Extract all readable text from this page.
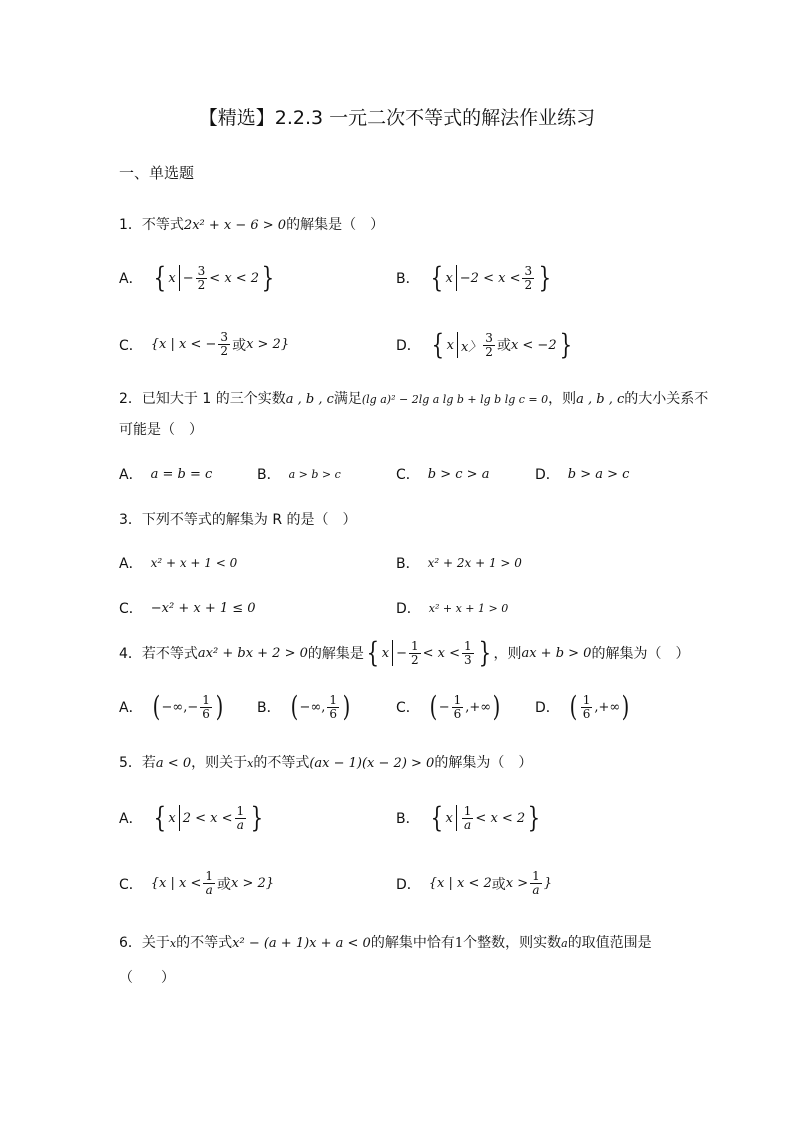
【精选】2.2.3 一元二次不等式的解法作业练习
一、单选题
1．不等式2x² + x − 6 > 0的解集是（　）
A． { $x - \frac{3}{2} < x < 2$ }	B． { $x -2 < x < \frac{3}{2}$ }
C． {x | x < − $\frac{3}{2}$ 或 x > 2}	D． { x x〉 $\frac{3}{2}$ 或 x < −2 }
2．已知大于 1 的三个实数a , b , c满足(lg a)² − 2lg a lg b + lg b lg c = 0，则a , b , c的大小关系不
可能是（　）
A． a = b = c	B． a > b > c	C． b > c > a	D． b > a > c
3．下列不等式的解集为 R 的是（　）
A． x² + x + 1 < 0	B． x² + 2x + 1 > 0
C． −x² + x + 1 ≤ 0	D． x² + x + 1 > 0
4．若不等式 ax² + bx + 2 > 0 的解集是 { $x - \frac{1}{2} < x < \frac{1}{3}$ } ，则 ax + b > 0 的解集为（　）
A． ( −∞,− $\frac{1}{6}$ ) B． ( −∞, $\frac{1}{6}$ )	C． ( − $\frac{1}{6}$ ,+∞ ) D． ( $\frac{1}{6}$ ,+∞ )
5．若a < 0，则关于x的不等式(ax − 1)(x − 2) > 0的解集为（　）
A． { x $2 < x < \frac{1}{a}$ }	B． { x $\frac{1}{a} < x < 2$ }
C． {x | $x < \frac{1}{a}$ 或 x > 2}	D． {x | x < 2 或 $x > \frac{1}{a}$ }
6．关于x的不等式x² − (a + 1)x + a < 0的解集中恰有1个整数，则实数a的取值范围是
（　　）
